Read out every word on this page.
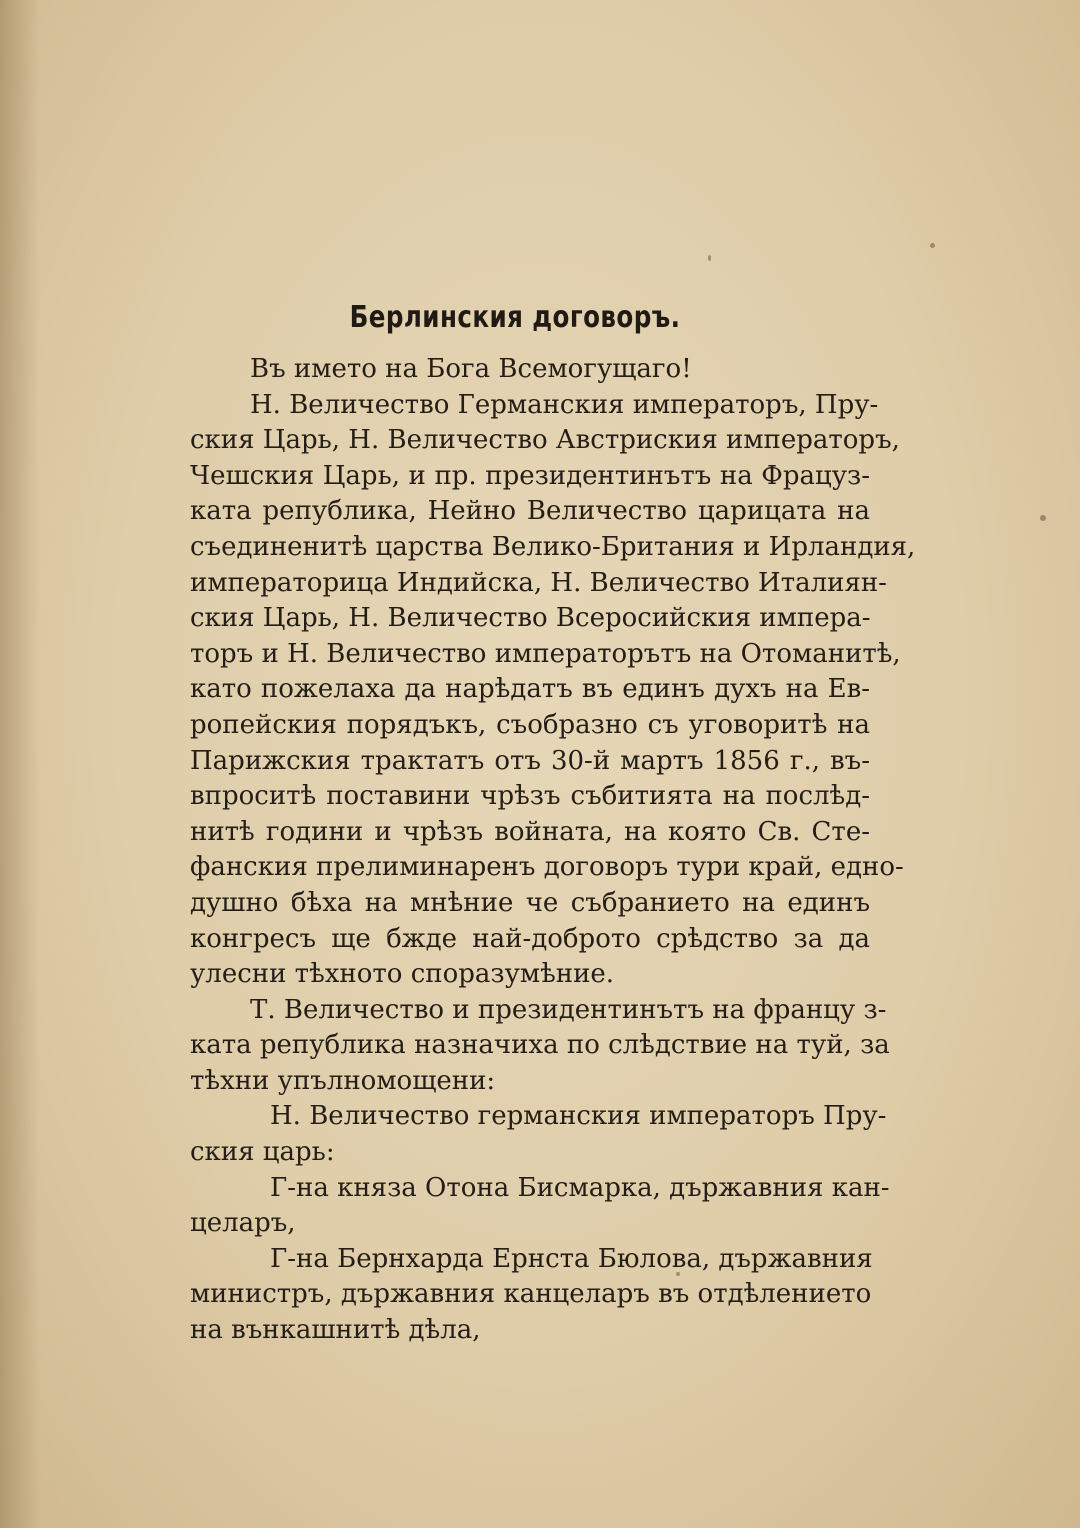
Берлинския договоръ.
Въ името на Бога Всемогущаго!
Н. Величество Германския императоръ, Пру-
ския Царь, Н. Величество Австриския императоръ,
Чешския Царь, и пр. президентинътъ на Фрацуз-
ката република, Нейно Величество царицата на
съединенитѣ царства Велико-Британия и Ирландия,
императорица Индийска, Н. Величество Италиян-
ския Царь, Н. Величество Всеросийския импера-
торъ и Н. Величество императорътъ на Отоманитѣ,
като пожелаха да нарѣдатъ въ единъ духъ на Ев-
ропейския порядъкъ, съобразно съ уговоритѣ на
Парижския трактатъ отъ 30-й мартъ 1856 г., въ-
впроситѣ поставини чрѣзъ събитията на послѣд-
нитѣ години и чрѣзъ войната, на която Св. Сте-
фанския прелиминаренъ договоръ тури край, едно-
душно бѣха на мнѣние че събранието на единъ
конгресъ ще бжде най-доброто срѣдство за да
улесни тѣхното споразумѣние.
Т. Величество и президентинътъ на францу з-
ката република назначиха по слѣдствие на туй, за
тѣхни упълномощени:
Н. Величество германския императоръ Пру-
ския царь:
Г-на княза Отона Бисмарка, държавния кан-
целаръ,
Г-на Бернхарда Ернста Бюлова, държавния
министръ, държавния канцеларъ въ отдѣлението
на вънкашнитѣ дѣла,
